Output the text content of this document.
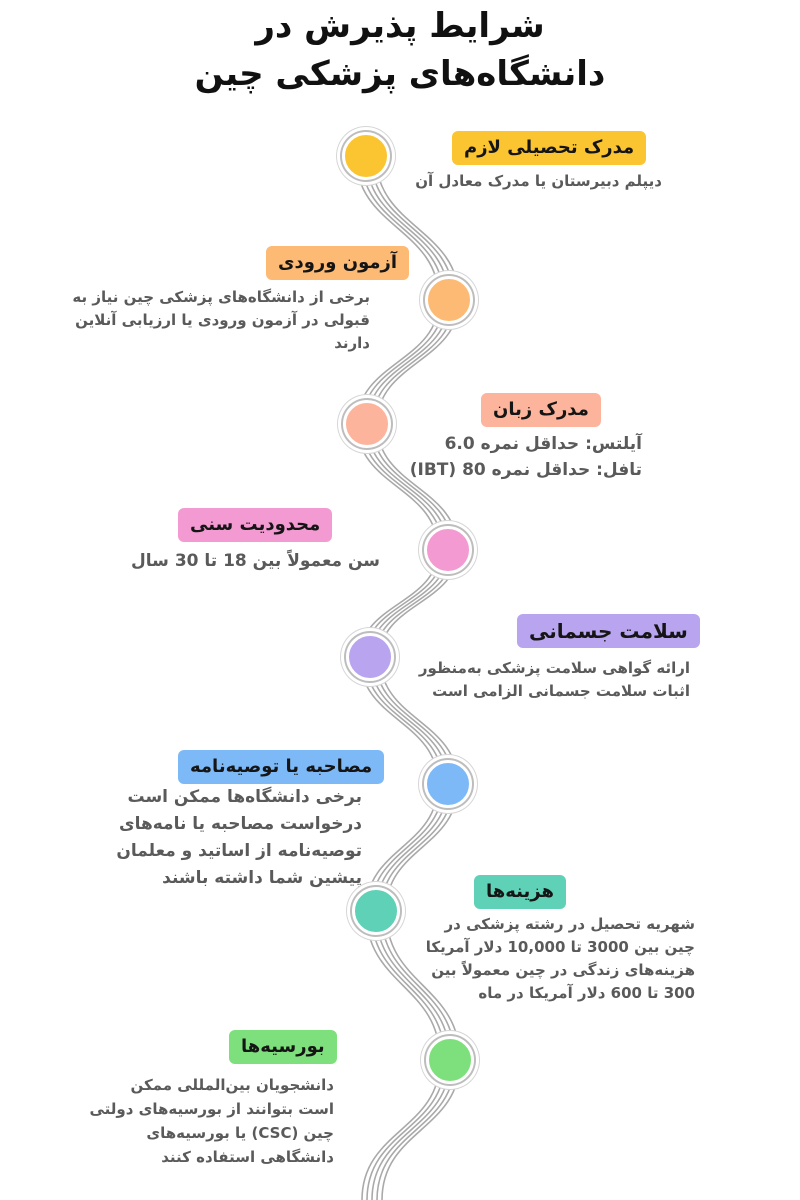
شرایط پذیرش در
دانشگاه‌های پزشکی چین
مدرک تحصیلی لازم

دیپلم دبیرستان یا مدرک معادل آن

آزمون ورودی

برخی از دانشگاه‌های پزشکی چین نیاز به
قبولی در آزمون ورودی یا ارزیابی آنلاین
دارند

مدرک زبان

آیلتس: حداقل نمره 6.0
تافل: حداقل نمره 80 (IBT)

محدودیت سنی

سن معمولاً بین 18 تا 30 سال

سلامت جسمانی

ارائه گواهی سلامت پزشکی به‌منظور
اثبات سلامت جسمانی الزامی است

مصاحبه یا توصیه‌نامه

برخی دانشگاه‌ها ممکن است
درخواست مصاحبه یا نامه‌های
توصیه‌نامه از اساتید و معلمان
پیشین شما داشته باشند

هزینه‌ها

شهریه تحصیل در رشته پزشکی در
چین بین 3000 تا 10,000 دلار آمریکا
هزینه‌های زندگی در چین معمولاً بین
300 تا 600 دلار آمریکا در ماه

بورسیه‌ها

دانشجویان بین‌المللی ممکن
است بتوانند از بورسیه‌های دولتی
چین (CSC) یا بورسیه‌های
دانشگاهی استفاده کنند
